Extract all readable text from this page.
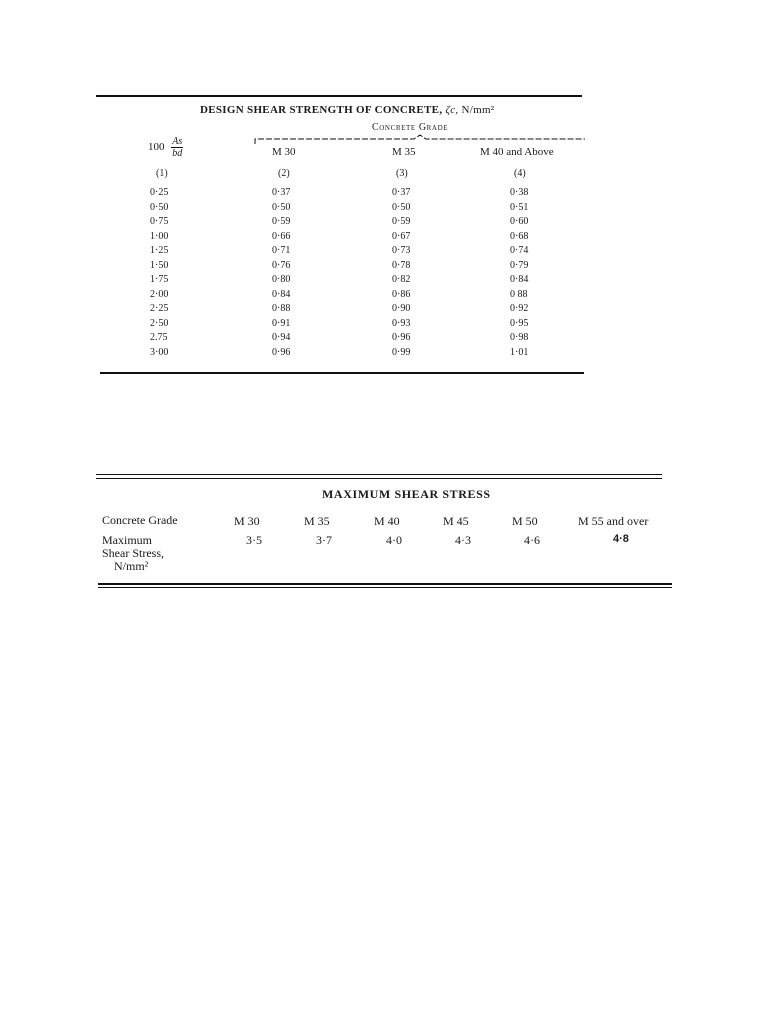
DESIGN SHEAR STRENGTH OF CONCRETE, ζc, N/mm²
Concrete Grade
$100 \frac{As}{bd}$	M 30	M 35	M 40 and Above
(1)	(2)	(3)	(4)
0·25	0·37	0·37	0·38
0·50	0·50	0·50	0·51
0·75	0·59	0·59	0·60
1·00	0·66	0·67	0·68
1·25	0·71	0·73	0·74
1·50	0·76	0·78	0·79
1·75	0·80	0·82	0·84
2·00	0·84	0·86	0 88
2·25	0·88	0·90	0·92
2·50	0·91	0·93	0·95
2.75	0·94	0·96	0·98
3·00	0·96	0·99	1·01
MAXIMUM SHEAR STRESS
Concrete Grade	M 30	M 35	M 40	M 45	M 50	M 55 and over
Maximum
Shear Stress,
N/mm²
3·5	3·7	4·0	4·3	4·6	4·8
